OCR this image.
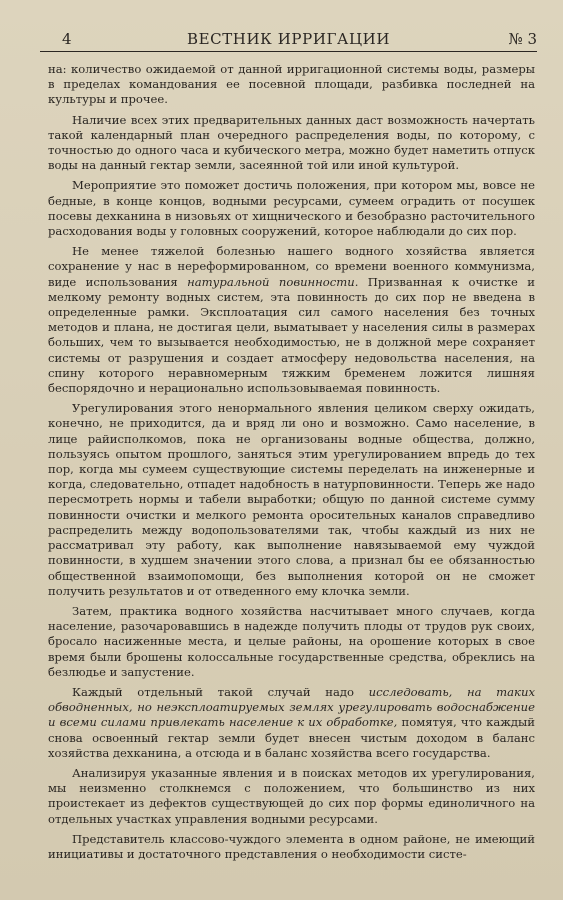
4	ВЕСТНИК ИРРИГАЦИИ	№ 3

на: количество ожидаемой от данной ирригационной системы воды, размеры в пределах командования ее посевной площади, разбивка последней на культуры и прочее.

Наличие всех этих предварительных данных даст возможность начертать такой календарный план очередного распределения воды, по которому, с точностью до одного часа и кубического метра, можно будет наметить отпуск воды на данный гектар земли, засеянной той или иной культурой.

Мероприятие это поможет достичь положения, при котором мы, вовсе не бедные, в конце концов, водными ресурсами, сумеем оградить от посушек посевы дехканина в низовьях от хищнического и безобразно расточительного расходования воды у головных сооружений, которое наблюдали до сих пор.

Не менее тяжелой болезнью нашего водного хозяйства является сохранение у нас в нереформированном, со времени военного коммунизма, виде использования натуральной повинности. Призванная к очистке и мелкому ремонту водных систем, эта повинность до сих пор не введена в определенные рамки. Эксплоатация сил самого населения без точных методов и плана, не достигая цели, выматывает у населения силы в размерах больших, чем то вызывается необходимостью, не в должной мере сохраняет системы от разрушения и создает атмосферу недовольства населения, на спину которого неравномерным тяжким бременем ложится лишняя беспорядочно и нерационально использовываемая повинность.

Урегулирования этого ненормального явления целиком сверху ожидать, конечно, не приходится, да и вряд ли оно и возможно. Само население, в лице райисполкомов, пока не организованы водные общества, должно, пользуясь опытом прошлого, заняться этим урегулированием впредь до тех пор, когда мы сумеем существующие системы переделать на инженерные и когда, следовательно, отпадет надобность в натурповинности. Теперь же надо пересмотреть нормы и табели выработки; общую по данной системе сумму повинности очистки и мелкого ремонта оросительных каналов справедливо распределить между водопользователями так, чтобы каждый из них не рассматривал эту работу, как выполнение навязываемой ему чуждой повинности, в худшем значении этого слова, а признал бы ее обязанностью общественной взаимопомощи, без выполнения которой он не сможет получить результатов и от отведенного ему клочка земли.

Затем, практика водного хозяйства насчитывает много случаев, когда население, разочаровавшись в надежде получить плоды от трудов рук своих, бросало насиженные места, и целые районы, на орошение которых в свое время были брошены колоссальные государственные средства, обреклись на безлюдье и запустение.

Каждый отдельный такой случай надо исследовать, на таких обводненных, но неэксплоатируемых землях урегулировать водоснабжение и всеми силами привлекать население к их обработке, помятуя, что каждый снова освоенный гектар земли будет внесен чистым доходом в баланс хозяйства дехканина, а отсюда и в баланс хозяйства всего государства.

Анализируя указанные явления и в поисках методов их урегулирования, мы неизменно столкнемся с положением, что большинство из них проистекает из дефектов существующей до сих пор формы единоличного на отдельных участках управления водными ресурсами.

Представитель классово-чуждого элемента в одном районе, не имеющий инициативы и достаточного представления о необходимости систе-
